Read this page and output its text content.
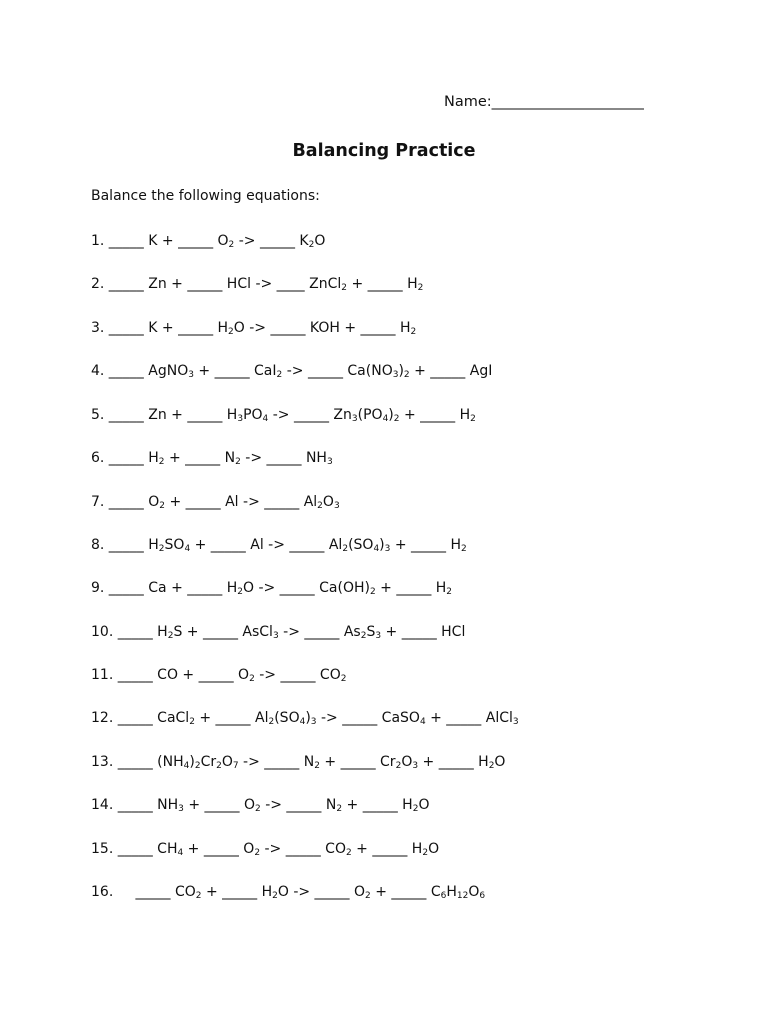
Name:_____________________
Balancing Practice
Balance the following equations:
1. _____ K + _____ $O_2$ -> _____ $K_2O$
2. _____ Zn + _____ HCl -> ____ ZnCl$_2$ + _____ $H_2$
3. _____ K + _____ $H_2O$ -> _____ KOH + _____ $H_2$
4. _____ AgNO$_3$ + _____ CaI$_2$ -> _____ $Ca(NO_3)_2$ + _____ AgI
5. _____ Zn + _____ $H_3PO_4$ -> _____ $Zn_3(PO_4)_2$ + _____ $H_2$
6. _____ $H_2$ + _____ $N_2$ -> _____ $NH_3$
7. _____ $O_2$ + _____ Al -> _____ $Al_2O_3$
8. _____ $H_2SO_4$ + _____ Al -> _____ $Al_2(SO_4)_3$ + _____ $H_2$
9. _____ Ca + _____ $H_2O$ -> _____ $Ca(OH)_2$ + _____ $H_2$
10. _____ $H_2S$ + _____ AsCl$_3$ -> _____ $As_2S_3$ + _____ HCl
11. _____ CO + _____ $O_2$ -> _____ $CO_2$
12. _____ CaCl$_2$ + _____ $Al_2(SO_4)_3$ -> _____ CaSO$_4$ + _____ AlCl$_3$
13. _____ $(NH_4)_2Cr_2O_7$ -> _____ $N_2$ + _____ $Cr_2O_3$ + _____ $H_2O$
14. _____ $NH_3$ + _____ $O_2$ -> _____ $N_2$ + _____ $H_2O$
15. _____ $CH_4$ + _____ $O_2$ -> _____ $CO_2$ + _____ $H_2O$
16.     _____ $CO_2$ + _____ $H_2O$ -> _____ $O_2$ + _____ $C_6H_{12}O_6$
